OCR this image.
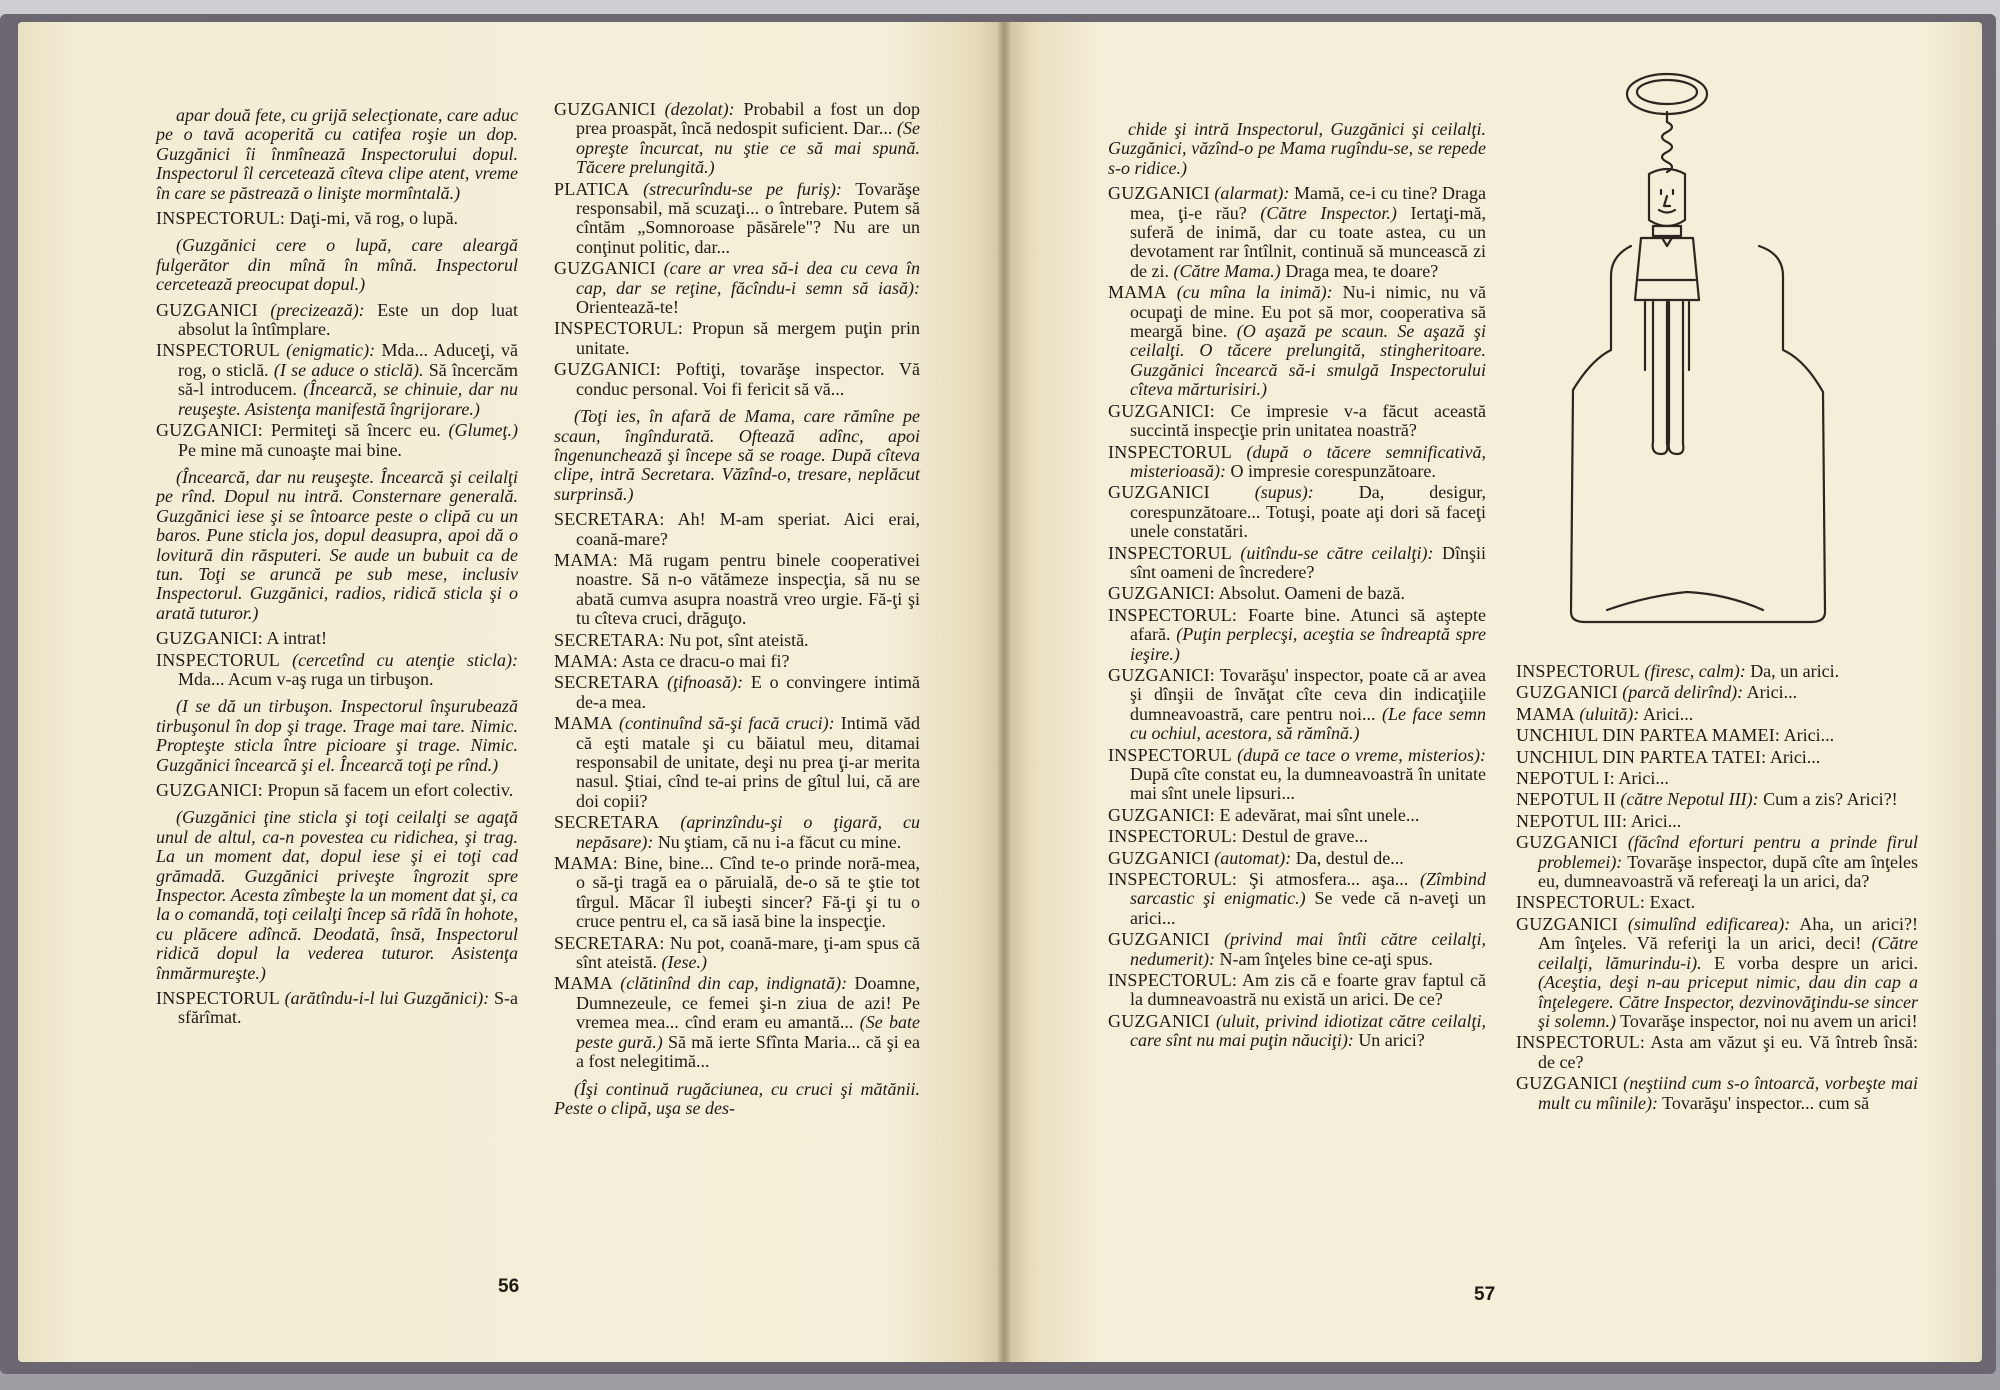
apar două fete, cu grijă selecţionate, care aduc pe o tavă acoperită cu catifea roşie un dop. Guzgănici îi înmînează Inspectorului dopul. Inspectorul îl cercetează cîteva clipe atent, vreme în care se păstrează o linişte mormîntală.)

INSPECTORUL: Daţi-mi, vă rog, o lupă.

(Guzgănici cere o lupă, care aleargă fulgerător din mînă în mînă. Inspectorul cercetează preocupat dopul.)

GUZGANICI (precizează): Este un dop luat absolut la întîmplare.

INSPECTORUL (enigmatic): Mda... Aduceţi, vă rog, o sticlă. (I se aduce o sticlă). Să încercăm să-l introducem. (Încearcă, se chinuie, dar nu reuşeşte. Asistenţa manifestă îngrijorare.)

GUZGANICI: Permiteţi să încerc eu. (Glumeţ.) Pe mine mă cunoaşte mai bine.

(Încearcă, dar nu reuşeşte. Încearcă şi ceilalţi pe rînd. Dopul nu intră. Consternare generală. Guzgănici iese şi se întoarce peste o clipă cu un baros. Pune sticla jos, dopul deasupra, apoi dă o lovitură din răsputeri. Se aude un bubuit ca de tun. Toţi se aruncă pe sub mese, inclusiv Inspectorul. Guzgănici, radios, ridică sticla şi o arată tuturor.)

GUZGANICI: A intrat!

INSPECTORUL (cercetînd cu atenţie sticla): Mda... Acum v-aş ruga un tirbuşon.

(I se dă un tirbuşon. Inspectorul înşurubează tirbuşonul în dop şi trage. Trage mai tare. Nimic. Propteşte sticla între picioare şi trage. Nimic. Guzgănici încearcă şi el. Încearcă toţi pe rînd.)

GUZGANICI: Propun să facem un efort colectiv.

(Guzgănici ţine sticla şi toţi ceilalţi se agaţă unul de altul, ca-n povestea cu ridichea, şi trag. La un moment dat, dopul iese şi ei toţi cad grămadă. Guzgănici priveşte îngrozit spre Inspector. Acesta zîmbeşte la un moment dat şi, ca la o comandă, toţi ceilalţi încep să rîdă în hohote, cu plăcere adîncă. Deodată, însă, Inspectorul ridică dopul la vederea tuturor. Asistenţa înmărmureşte.)

INSPECTORUL (arătîndu-i-l lui Guzgănici): S-a sfărîmat.

GUZGANICI (dezolat): Probabil a fost un dop prea proaspăt, încă nedospit suficient. Dar... (Se opreşte încurcat, nu ştie ce să mai spună. Tăcere prelungită.)

PLATICA (strecurîndu-se pe furiş): Tovarăşe responsabil, mă scuzaţi... o întrebare. Putem să cîntăm „Somnoroase păsărele"? Nu are un conţinut politic, dar...

GUZGANICI (care ar vrea să-i dea cu ceva în cap, dar se reţine, făcîndu-i semn să iasă): Orientează-te!

INSPECTORUL: Propun să mergem puţin prin unitate.

GUZGANICI: Poftiţi, tovarăşe inspector. Vă conduc personal. Voi fi fericit să vă...

(Toţi ies, în afară de Mama, care rămîne pe scaun, îngîndurată. Oftează adînc, apoi îngenunchează şi începe să se roage. După cîteva clipe, intră Secretara. Văzînd-o, tresare, neplăcut surprinsă.)

SECRETARA: Ah! M-am speriat. Aici erai, coană-mare?

MAMA: Mă rugam pentru binele cooperativei noastre. Să n-o vătămeze inspecţia, să nu se abată cumva asupra noastră vreo urgie. Fă-ţi şi tu cîteva cruci, drăguţo.

SECRETARA: Nu pot, sînt ateistă.

MAMA: Asta ce dracu-o mai fi?

SECRETARA (ţifnoasă): E o convingere intimă de-a mea.

MAMA (continuînd să-şi facă cruci): Intimă văd că eşti matale şi cu băiatul meu, ditamai responsabil de unitate, deşi nu prea ţi-ar merita nasul. Ştiai, cînd te-ai prins de gîtul lui, că are doi copii?

SECRETARA (aprinzîndu-şi o ţigară, cu nepăsare): Nu ştiam, că nu i-a făcut cu mine.

MAMA: Bine, bine... Cînd te-o prinde noră-mea, o să-ţi tragă ea o păruială, de-o să te ştie tot tîrgul. Măcar îl iubeşti sincer? Fă-ţi şi tu o cruce pentru el, ca să iasă bine la inspecţie.

SECRETARA: Nu pot, coană-mare, ţi-am spus că sînt ateistă. (Iese.)

MAMA (clătinînd din cap, indignată): Doamne, Dumnezeule, ce femei şi-n ziua de azi! Pe vremea mea... cînd eram eu amantă... (Se bate peste gură.) Să mă ierte Sfînta Maria... că şi ea a fost nelegitimă...

(Îşi continuă rugăciunea, cu cruci şi mătănii. Peste o clipă, uşa se des-

56

chide şi intră Inspectorul, Guzgănici şi ceilalţi. Guzgănici, văzînd-o pe Mama rugîndu-se, se repede s-o ridice.)

GUZGANICI (alarmat): Mamă, ce-i cu tine? Draga mea, ţi-e rău? (Către Inspector.) Iertaţi-mă, suferă de inimă, dar cu toate astea, cu un devotament rar întîlnit, continuă să muncească zi de zi. (Către Mama.) Draga mea, te doare?

MAMA (cu mîna la inimă): Nu-i nimic, nu vă ocupaţi de mine. Eu pot să mor, cooperativa să meargă bine. (O aşază pe scaun. Se aşază şi ceilalţi. O tăcere prelungită, stingheritoare. Guzgănici încearcă să-i smulgă Inspectorului cîteva mărturisiri.)

GUZGANICI: Ce impresie v-a făcut această succintă inspecţie prin unitatea noastră?

INSPECTORUL (după o tăcere semnificativă, misterioasă): O impresie corespunzătoare.

GUZGANICI (supus): Da, desigur, corespunzătoare... Totuşi, poate aţi dori să faceţi unele constatări.

INSPECTORUL (uitîndu-se către ceilalţi): Dînşii sînt oameni de încredere?

GUZGANICI: Absolut. Oameni de bază.

INSPECTORUL: Foarte bine. Atunci să aştepte afară. (Puţin perplecşi, aceştia se îndreaptă spre ieşire.)

GUZGANICI: Tovarăşu' inspector, poate că ar avea şi dînşii de învăţat cîte ceva din indicaţiile dumneavoastră, care pentru noi... (Le face semn cu ochiul, acestora, să rămînă.)

INSPECTORUL (după ce tace o vreme, misterios): După cîte constat eu, la dumneavoastră în unitate mai sînt unele lipsuri...

GUZGANICI: E adevărat, mai sînt unele...

INSPECTORUL: Destul de grave...

GUZGANICI (automat): Da, destul de...

INSPECTORUL: Şi atmosfera... aşa... (Zîmbind sarcastic şi enigmatic.) Se vede că n-aveţi un arici...

GUZGANICI (privind mai întîi către ceilalţi, nedumerit): N-am înţeles bine ce-aţi spus.

INSPECTORUL: Am zis că e foarte grav faptul că la dumneavoastră nu există un arici. De ce?

GUZGANICI (uluit, privind idiotizat către ceilalţi, care sînt nu mai puţin năuciţi): Un arici?

INSPECTORUL (firesc, calm): Da, un arici.

GUZGANICI (parcă delirînd): Arici...

MAMA (uluită): Arici...

UNCHIUL DIN PARTEA MAMEI: Arici...

UNCHIUL DIN PARTEA TATEI: Arici...

NEPOTUL I: Arici...

NEPOTUL II (către Nepotul III): Cum a zis? Arici?!

NEPOTUL III: Arici...

GUZGANICI (făcînd eforturi pentru a prinde firul problemei): Tovarăşe inspector, după cîte am înţeles eu, dumneavoastră vă refereaţi la un arici, da?

INSPECTORUL: Exact.

GUZGANICI (simulînd edificarea): Aha, un arici?! Am înţeles. Vă referiţi la un arici, deci! (Către ceilalţi, lămurindu-i). E vorba despre un arici. (Aceştia, deşi n-au priceput nimic, dau din cap a înţelegere. Către Inspector, dezvinovăţindu-se sincer şi solemn.) Tovarăşe inspector, noi nu avem un arici!

INSPECTORUL: Asta am văzut şi eu. Vă întreb însă: de ce?

GUZGANICI (neştiind cum s-o întoarcă, vorbeşte mai mult cu mîinile): Tovarăşu' inspector... cum să

57
